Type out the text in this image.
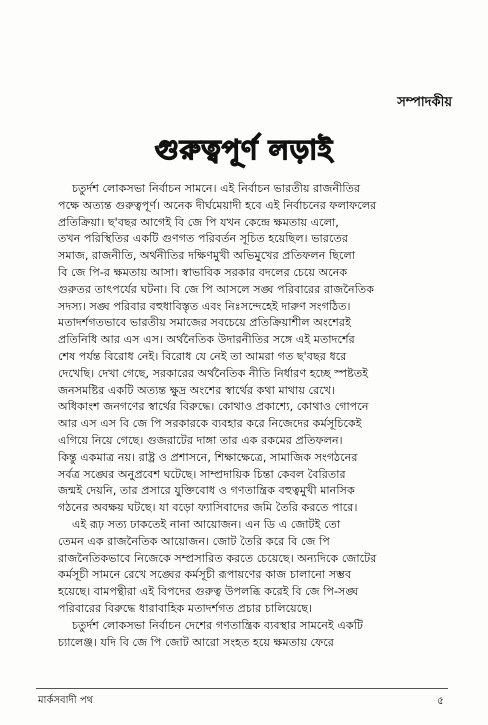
সম্পাদকীয়
গুরুত্বপূর্ণ লড়াই
চতুর্দশ লোকসভা নির্বাচন সামনে। এই নির্বাচন ভারতীয় রাজনীতির
পক্ষে অত্যন্ত গুরুত্বপূর্ণ। অনেক দীর্ঘমেয়াদী হবে এই নির্বাচনের ফলাফলের
প্রতিক্রিয়া। ছ'বছর আগেই বি জে পি যখন কেন্দ্রে ক্ষমতায় এলো,
তখন পরিস্থিতির একটি গুণগত পরিবর্তন সূচিত হয়েছিল। ভারতের
সমাজ, রাজনীতি, অর্থনীতির দক্ষিণমুখী অভিমুখের প্রতিফলন ছিলো
বি জে পি-র ক্ষমতায় আসা। স্বাভাবিক সরকার বদলের চেয়ে অনেক
গুরুতর তাৎপর্যের ঘটনা। বি জে পি আসলে সঙ্ঘ পরিবারের রাজনৈতিক
সদস্য। সঙ্ঘ পরিবার বহুধাবিস্তৃত এবং নিঃসন্দেহেই দারুণ সংগঠিত।
মতাদর্শগতভাবে ভারতীয় সমাজের সবচেয়ে প্রতিক্রিয়াশীল অংশেরই
প্রতিনিধি আর এস এস। অর্থনৈতিক উদারনীতির সঙ্গে এই মতাদর্শের
শেষ পর্যন্ত বিরোধ নেই। বিরোধ যে নেই তা আমরা গত ছ'বছর ধরে
দেখেছি। দেখা গেছে, সরকারের অর্থনৈতিক নীতি নির্ধারণ হচ্ছে স্পষ্টতই
জনসমষ্টির একটি অত্যন্ত ক্ষুদ্র অংশের স্বার্থের কথা মাথায় রেখে।
অধিকাংশ জনগণের স্বার্থের বিরুদ্ধে। কোথাও প্রকাশ্যে, কোথাও গোপনে
আর এস এস বি জে পি সরকারকে ব্যবহার করে নিজেদের কর্মসূচিকেই
এগিয়ে নিয়ে গেছে। গুজরাটের দাঙ্গা তার এক রকমের প্রতিফলন।
কিন্তু একমাত্র নয়। রাষ্ট্র ও প্রশাসনে, শিক্ষাক্ষেত্রে, সামাজিক সংগঠনের
সর্বত্র সঙ্ঘের অনুপ্রবেশ ঘটেছে। সাম্প্রদায়িক চিন্তা কেবল বৈরিতার
জন্মই দেয়নি, তার প্রসারে যুক্তিবোধ ও গণতান্ত্রিক বহুত্বমুখী মানসিক
গঠনের অবক্ষয় ঘটছে। যা বড়ো ফ্যাসিবাদের জমি তৈরি করতে পারে।
এই রূঢ় সত্য ঢাকতেই নানা আয়োজন। এন ডি এ জোটই তো
তেমন এক রাজনৈতিক আয়োজন। জোট তৈরি করে বি জে পি
রাজনৈতিকভাবে নিজেকে সম্প্রসারিত করতে চেয়েছে। অন্যদিকে জোটের
কর্মসূচী সামনে রেখে সঙ্ঘের কর্মসূচী রূপায়ণের কাজ চালানো সম্ভব
হয়েছে। বামপন্থীরা এই বিপদের গুরুত্ব উপলব্ধি করেই বি জে পি-সঙ্ঘ
পরিবারের বিরুদ্ধে ধারাবাহিক মতাদর্শগত প্রচার চালিয়েছে।
চতুর্দশ লোকসভা নির্বাচন দেশের গণতান্ত্রিক ব্যবস্থার সামনেই একটি
চ্যালেঞ্জ। যদি বি জে পি জোট আরো সংহত হয়ে ক্ষমতায় ফেরে
মার্কসবাদী পথ	৫
